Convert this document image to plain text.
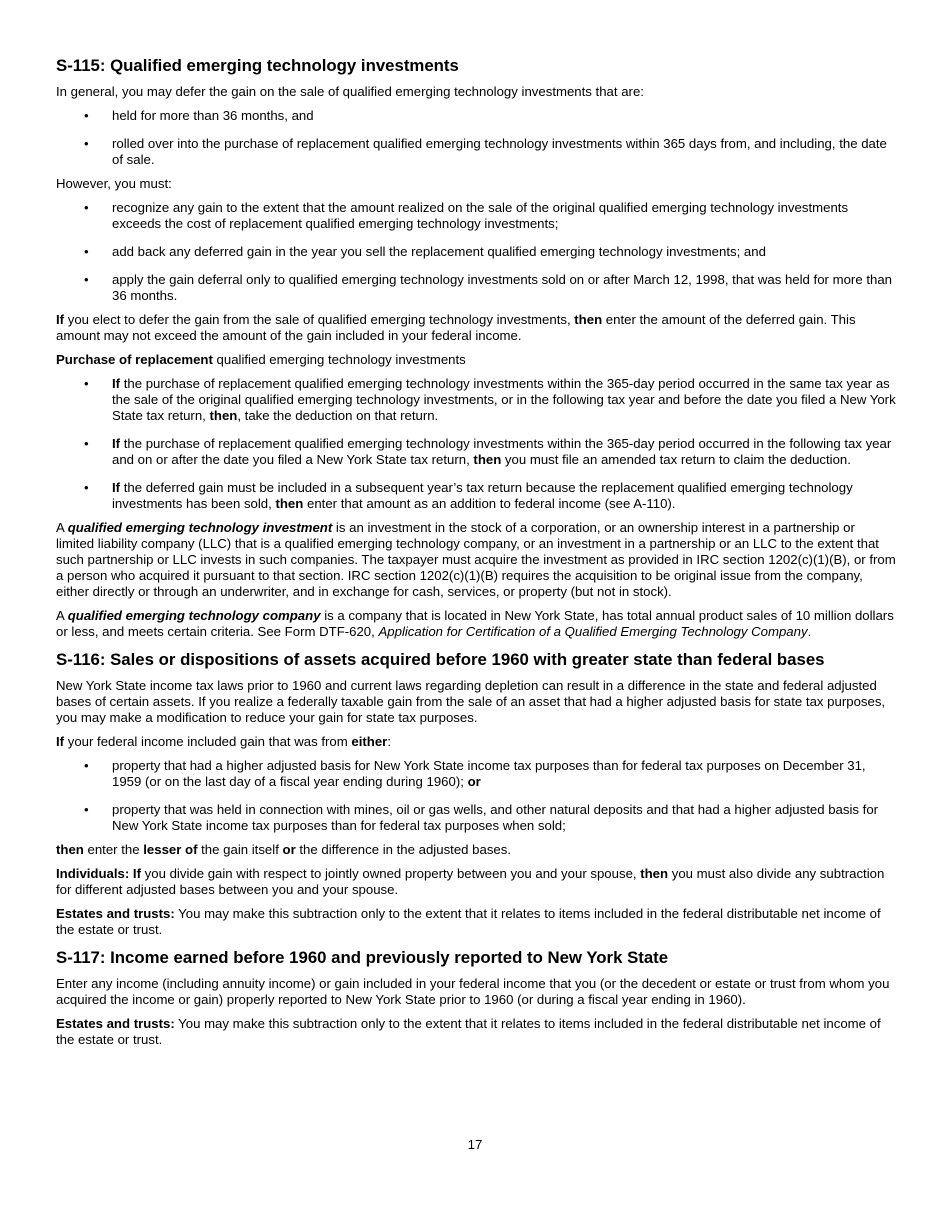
S-115: Qualified emerging technology investments

In general, you may defer the gain on the sale of qualified emerging technology investments that are:

• held for more than 36 months, and
• rolled over into the purchase of replacement qualified emerging technology investments within 365 days from, and including, the date of sale.

However, you must:

• recognize any gain to the extent that the amount realized on the sale of the original qualified emerging technology investments exceeds the cost of replacement qualified emerging technology investments;
• add back any deferred gain in the year you sell the replacement qualified emerging technology investments; and
• apply the gain deferral only to qualified emerging technology investments sold on or after March 12, 1998, that was held for more than 36 months.

If you elect to defer the gain from the sale of qualified emerging technology investments, then enter the amount of the deferred gain. This amount may not exceed the amount of the gain included in your federal income.

Purchase of replacement qualified emerging technology investments

• If the purchase of replacement qualified emerging technology investments within the 365-day period occurred in the same tax year as the sale of the original qualified emerging technology investments, or in the following tax year and before the date you filed a New York State tax return, then, take the deduction on that return.
• If the purchase of replacement qualified emerging technology investments within the 365-day period occurred in the following tax year and on or after the date you filed a New York State tax return, then you must file an amended tax return to claim the deduction.
• If the deferred gain must be included in a subsequent year’s tax return because the replacement qualified emerging technology investments has been sold, then enter that amount as an addition to federal income (see A-110).

A qualified emerging technology investment is an investment in the stock of a corporation, or an ownership interest in a partnership or limited liability company (LLC) that is a qualified emerging technology company, or an investment in a partnership or an LLC to the extent that such partnership or LLC invests in such companies. The taxpayer must acquire the investment as provided in IRC section 1202(c)(1)(B), or from a person who acquired it pursuant to that section. IRC section 1202(c)(1)(B) requires the acquisition to be original issue from the company, either directly or through an underwriter, and in exchange for cash, services, or property (but not in stock).

A qualified emerging technology company is a company that is located in New York State, has total annual product sales of 10 million dollars or less, and meets certain criteria. See Form DTF-620, Application for Certification of a Qualified Emerging Technology Company.

S-116: Sales or dispositions of assets acquired before 1960 with greater state than federal bases

New York State income tax laws prior to 1960 and current laws regarding depletion can result in a difference in the state and federal adjusted bases of certain assets. If you realize a federally taxable gain from the sale of an asset that had a higher adjusted basis for state tax purposes, you may make a modification to reduce your gain for state tax purposes.

If your federal income included gain that was from either:

• property that had a higher adjusted basis for New York State income tax purposes than for federal tax purposes on December 31, 1959 (or on the last day of a fiscal year ending during 1960); or
• property that was held in connection with mines, oil or gas wells, and other natural deposits and that had a higher adjusted basis for New York State income tax purposes than for federal tax purposes when sold;

then enter the lesser of the gain itself or the difference in the adjusted bases.

Individuals: If you divide gain with respect to jointly owned property between you and your spouse, then you must also divide any subtraction for different adjusted bases between you and your spouse.

Estates and trusts: You may make this subtraction only to the extent that it relates to items included in the federal distributable net income of the estate or trust.

S-117: Income earned before 1960 and previously reported to New York State

Enter any income (including annuity income) or gain included in your federal income that you (or the decedent or estate or trust from whom you acquired the income or gain) properly reported to New York State prior to 1960 (or during a fiscal year ending in 1960).

Estates and trusts: You may make this subtraction only to the extent that it relates to items included in the federal distributable net income of the estate or trust.

17
